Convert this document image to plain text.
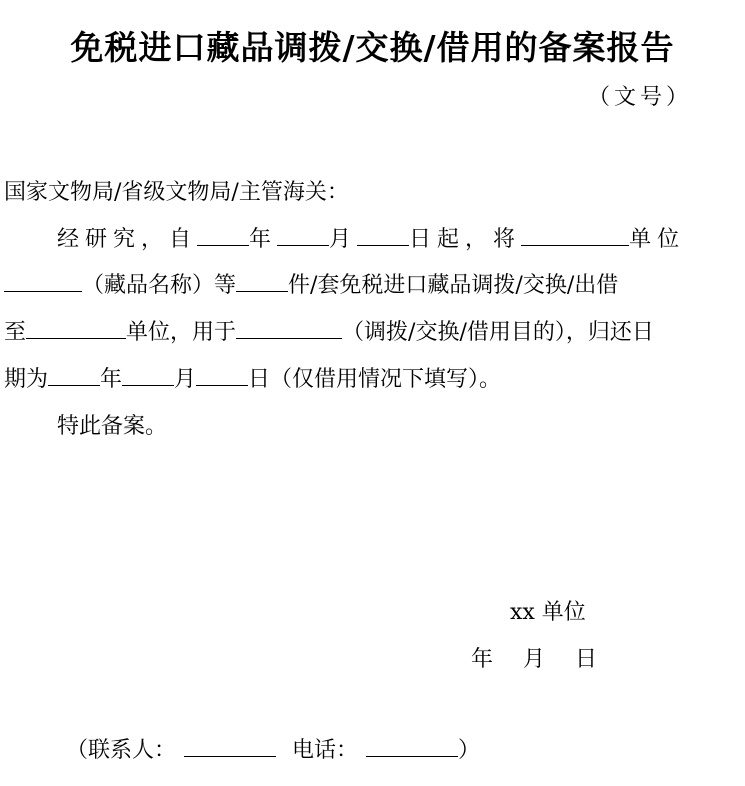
免税进口藏品调拨/交换/借用的备案报告
（文号）
国家文物局/省级文物局/主管海关：
经研究，自 年 月 日起，将	单位
（藏品名称）等 件/套免税进口藏品调拨/交换/出借
至	单位，用于	（调拨/交换/借用目的），归还日
期为 年 月 日（仅借用情况下填写）。
特此备案。
xx 单位
年 月 日
（联系人：	电话：	）
